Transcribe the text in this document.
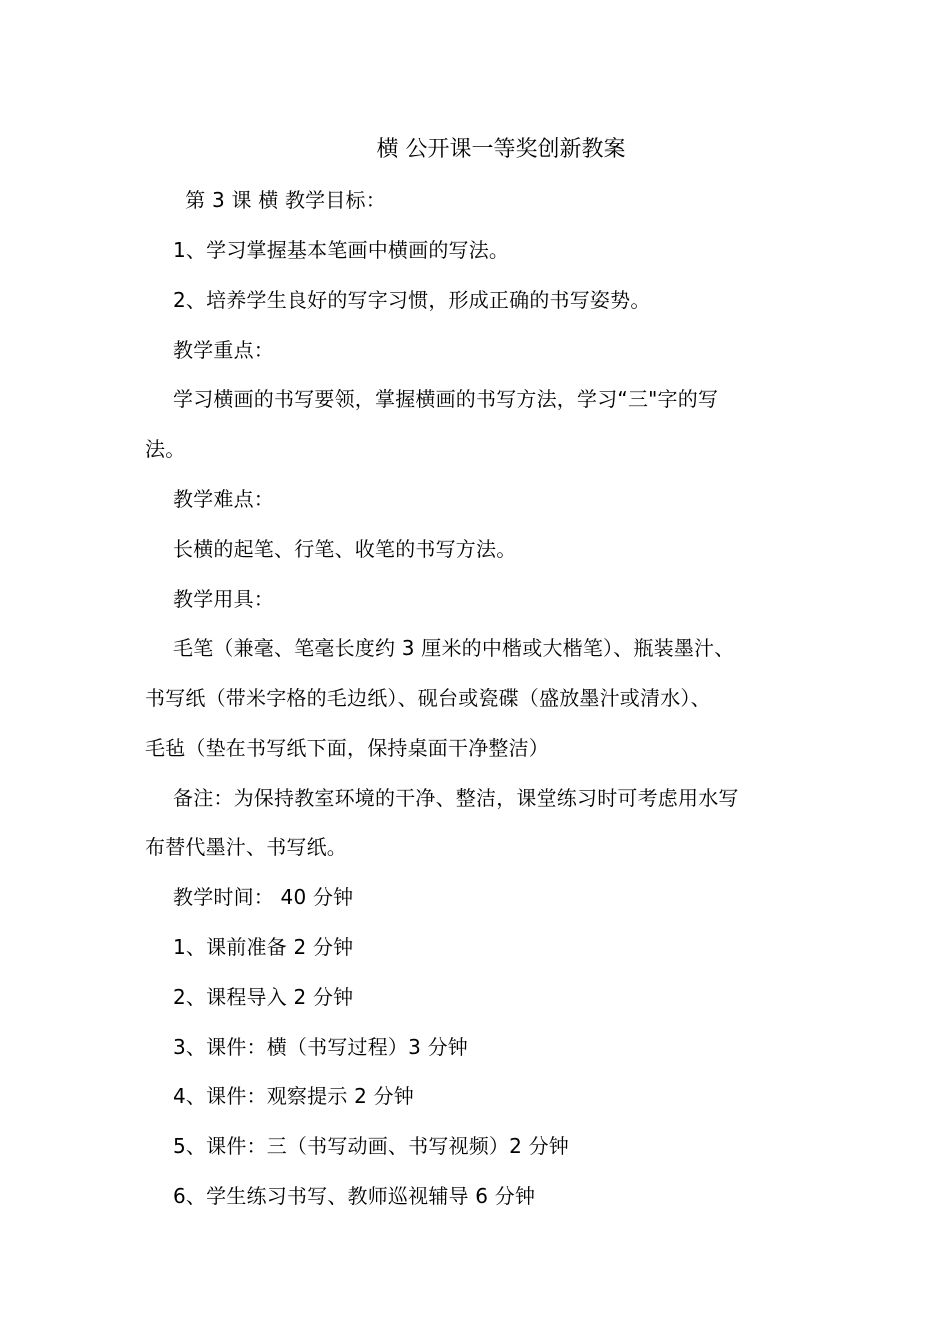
横 公开课一等奖创新教案

　第 3 课 横 教学目标：

1、学习掌握基本笔画中横画的写法。

2、培养学生良好的写字习惯，形成正确的书写姿势。

教学重点：

学习横画的书写要领，掌握横画的书写方法，学习“三"字的写

法。

教学难点：

长横的起笔、行笔、收笔的书写方法。

教学用具：

毛笔（兼毫、笔毫长度约 3 厘米的中楷或大楷笔）、瓶装墨汁、

书写纸（带米字格的毛边纸）、砚台或瓷碟（盛放墨汁或清水）、

毛毡（垫在书写纸下面，保持桌面干净整洁）

备注：为保持教室环境的干净、整洁，课堂练习时可考虑用水写

布替代墨汁、书写纸。

教学时间： 40 分钟

1、课前准备 2 分钟

2、课程导入 2 分钟

3、课件：横（书写过程）3 分钟

4、课件：观察提示 2 分钟

5、课件：三（书写动画、书写视频）2 分钟

6、学生练习书写、教师巡视辅导 6 分钟
